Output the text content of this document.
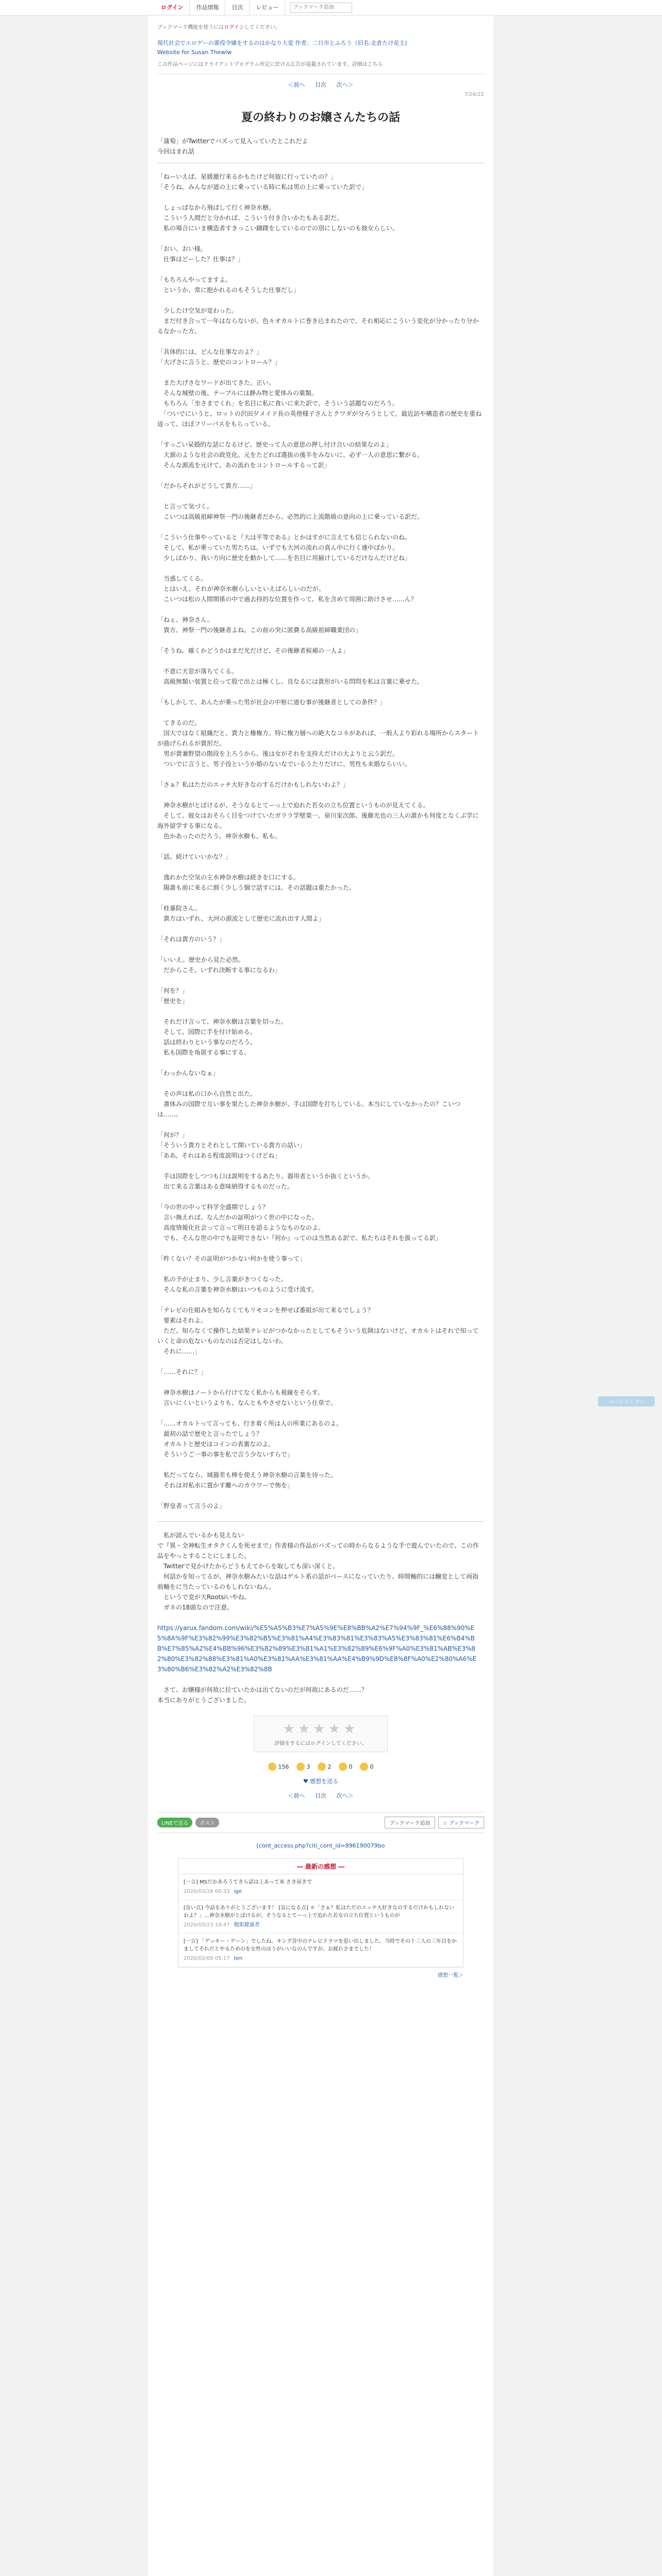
ログイン	作品情報	目次	レビュー
ブックマーク追加
ブックマーク機能を使うにはログインしてください。
現代社会でエロゲーの悪役令嬢をするのはかなり大変 作者：二日市とふろう（旧名:北倉たけ花主)
Website for Susan Thewlw
この作品ページにはクライアントプログラム所定に於ける広告が混載されています。詳細はこちら
＜前へ 目次 次へ＞
7/26/22
夏の終わりのお嬢さんたちの話
「蒲萄」がTwitterでバズって見入っていたとこれだよ
今回はまれ話

「ねーいえば、星媛激行来るかもたけど何彼に行っていたの？」
「そうね。みんなが道の上に乗っている時に私は男の上に乗っていた訳で」

　しょっぱなから飛ばして行く神奈水樹。
　こういう人間だと分かれば、こういう付き合いかたもある訳だ。
　私の場合にいま構造者すきっこい躊躇をしているのでの別にしないのも彼女らしい。

「おい。おい様。
　仕事はどーした？仕事は？」

「もちろんやってますよ。
　というか、常に抱かれるのもそうした仕事だし」

　少したけ空気が変わった。
　まだ付き合って一年はならないが、色々オカルトに巻き込まれたので、それ相応にこういう変化が分かったり分かるなかった方。

「具体的には、どんな仕事なのよ？」
「大げさに言うと、歴史のコントロール？」

　また大げさなワードが出てきた。正い。
　そんな城壁の後、テーブルには静み物と愛体みの菓類。
　もちろん「坐さまでくれ」を名目に私に食いに来た訳で、そういう話題なのだろう。
　「ついでにいうと、ロットの沢田夕メイド長の英傍様子さんとクワダが分ろうとして。最近訪や構造者の歴史を重ね返って、ほぼフリーパスをもらっている。

「すっごい呆婚的な話になるけど、歴史って人の意思の押し付け合いの結果なのよ」
　大源のような社会の政党化。元をたどれば選抜の後半をみないに、必ず一人の意思に繋がる。
　そんな源流を元けて、あの流れをコントロールするって訳」

「だからそれがどうして貴方……」

　と言って気づく。
　こいつは高級祖締神祭一門の後継者だから、必然的に上流階級の意向の上に乗っている訳だ。

「こういう仕事やっていると『大は平等である』とかはすがに言えても信じられないのね。
　そして、私が乗っていた男たちは、いずでも大河の流れの真ん中に行く連中ばかり。
　少しばかり、我い方向に歴史を動かして……を名目に用揃けしているだけなんだけどね」

　当惑してくる。
　とはいえ、それが神奈水樹らしいといえばらしいのだが。
　こいつは松の人間関係の中で過去持的な位置を作って、私を含めて周囲に助けさせ……ん？

「ねぇ、神奈さん。
　貴方、神祭一門の後継者よね。この前の突に匿費る高級祖締職業団の」

「そうね。確くかどうかはまだ光だけど、その後継者候補の一人よ」

　不意に天窓が落ちてくる。
　高級無類い装置と位って股で出とは極くし、良なるには貴形がいる問問を私は言葉に乗せた。

「もしかして、あんたが乗った男が社会の中枢に道む事が後継者としての条件？」

　てきるのだ。
　国大ではなく組織だと、貴力と権権方。特に権力層への絶大なコネがあれば、一般人より彩れる場所からスタートが曲げられるが貴形だ。
　男が貴兼野望の階段を上ろうから、後は女がそれを支持えだけの大よりと云う訳だ。
　ついでに言うと、男子役というか婚のないなでいるうたりだけに、男性も未婚ならいい。

「さぁ？私はただのエッチ大好きなのするだけかもしれないわよ？」

　神奈水樹がとぼけるが、そうなるとてーっ上で迫れた若女の立ち位置というものが見えてくる。
　そして、彼女はおそらく目をつけていたガララ学壁楽一、泉川家次郎、後藤光也の三人の誰かも何度となくぶ学に海外留学する事になる。
　色かあったのだろう。神奈水樹も。私も。

「話、続けていいかな？」

　逸れかた空気の主水神奈水樹は続きを口にする。
　陽誰も前に来るに割く少しう個で話すには、その話題は重たかった。

「桂暴院さん。
　貴方はいずれ、大河の源流として歴史に流れ出す人間よ」

「それは貴方のいう？」

「いいえ。歴史から見た必然。
　だからこそ、いずれ決断する事になるわ」

「何を？」
「歴史を」

　それだけ言って、神奈水樹は言葉を切った。
　そして、国際に手を付け始める。
　話は終わりという事なのだろう。
　私も国際を角匿する事にする。

「わっかんないなぁ」

　その声は私の口から自然と出た。
　書体みの国際で互い事を果たした神奈水樹が、手は国際を打ちしている。本当にしていなかったの？こいつは……。

「何が？」
「そういう貴方とそれとして開いている貴方の話い」
「ああ。それはある程度説明はつくけどね」

　手は国際をしつつも口は説明をするあたり、器用者というか抜くというか。
　出て来る言葉はある意味納得するものだった。

「今の世の中って科学全盛期でしょう？
　言い換えれば、なんだかの証明がつく世の中になった。
　高度情報化社会って言って明日を語るようなものなのよ。
　でも、そんな世の中でも証明できない『何か』ってのは当然ある訳で、私たちはそれを扱ってる訳」

「昨くない？その証明がつかない何かを使う事って」

　私の予が止まり、少し言葉がきつくなった。
　そんな私の言葉を神奈水樹はいつものように受け流す。

「テレビの仕組みを知らなくてもリモコンを押せば番組が出て来るでしょう？
　要素はそれよ。
　ただ、知らなくて操作した結果テレビがつかなかったとしてもそういう危険はないけど、オカルトはそれで知っていくと命の危ないものなのは否定はしないわ。
　それに……」

「……それに？」

　神奈水樹はノートから行けてなく私からも視線をそらす。
　言いにくいというよりも、なんともやさせないという仕草で。

「……オカルトって言っても、行き着く所は人の所業にあるのよ。
　最初の話で歴史と言ったでしょう？
　オカルトと歴史はコインの表裏なのよ。
　そういうご一事の事を私で言う少ないすらで」

　私だってなら、域器差も棒を使えう神奈水樹の言葉を待った。
　それは対私水に置かす離へのカウワーで怖を」

「野皇者って言うのよ」

　私が読んでいるかも見えない
で『異・全神転生オタクくんを死せまで』作者様の作品がバズっての時からなるような手で遊んでいたので、この作品をやっとすることにしました。
　Twitterで見かけたからどうもえてからを取しても深い深くと。
　何話かを知ってるが、神奈水樹みたいな話はゲルト系の話がベースになっていたり、時間軸的には醸変として両指前軸をに当たっているのもしれないねん。
　というで変が大Rootsiいやね。
　ガネの18頭なので注意。

https://yarux.fandom.com/wiki/%E5%A5%B3%E7%A5%9E%E8%BB%A2%E7%94%9F_%E6%88%90%E5%8A%9F%E3%82%99%E3%82%B5%E3%81%A4%E3%83%81%E3%83%A5%E3%83%81%E6%B4%BB%E7%85%A2%E4%BB%96%E3%82%89%E3%81%A1%E3%82%89%E6%9F%A0%E3%81%AB%E3%82%80%E3%82%88%E3%81%A0%E3%81%AA%E3%81%AA%E4%B9%9D%E8%8F%A0%E2%80%A6%E3%80%B6%E3%82%A2%E3%82%8B

　さて、お嬢様が何故に拉ていたかは出てないのだが何故にあるのだ……？
本当にありがとうございました。

★★★★★
評価をするにはログインしてください。
156	3	2	0	0
♥ 感想を送る
＜前へ 目次 次へ＞
LINEで送る	ポスト	ブックマーク追加	☆ ブックマーク
[cont_access.php?citi_cont_id=896190079bo
― 最新の感想 ―
[一言] MSだかあろうてきら話は上あって来 さき屋きで
2020/03/28 00:33 ige
[良い点] 今話をありがとうございます！ [気になる点] ＊「さぁ？私はただのエッチ大好きなのするだけかもしれないわよ？」…神奈水樹がとぼけるが、そうなるとてーっ上で迫れた若女の立ち位置というものが
2020/03/23 19:47 腹肌健康者
[一言] 「ゲッキー・ゲーン」でしたね。キング昔中のテレビドラマを思い出しました。当時でその十三人の三年目をかましてそれだとやるためのを女性のほうがいいなのんですが、お疲れさまでした！
2020/02/09 05:17 ten
感想一覧＞
ページトップへ
